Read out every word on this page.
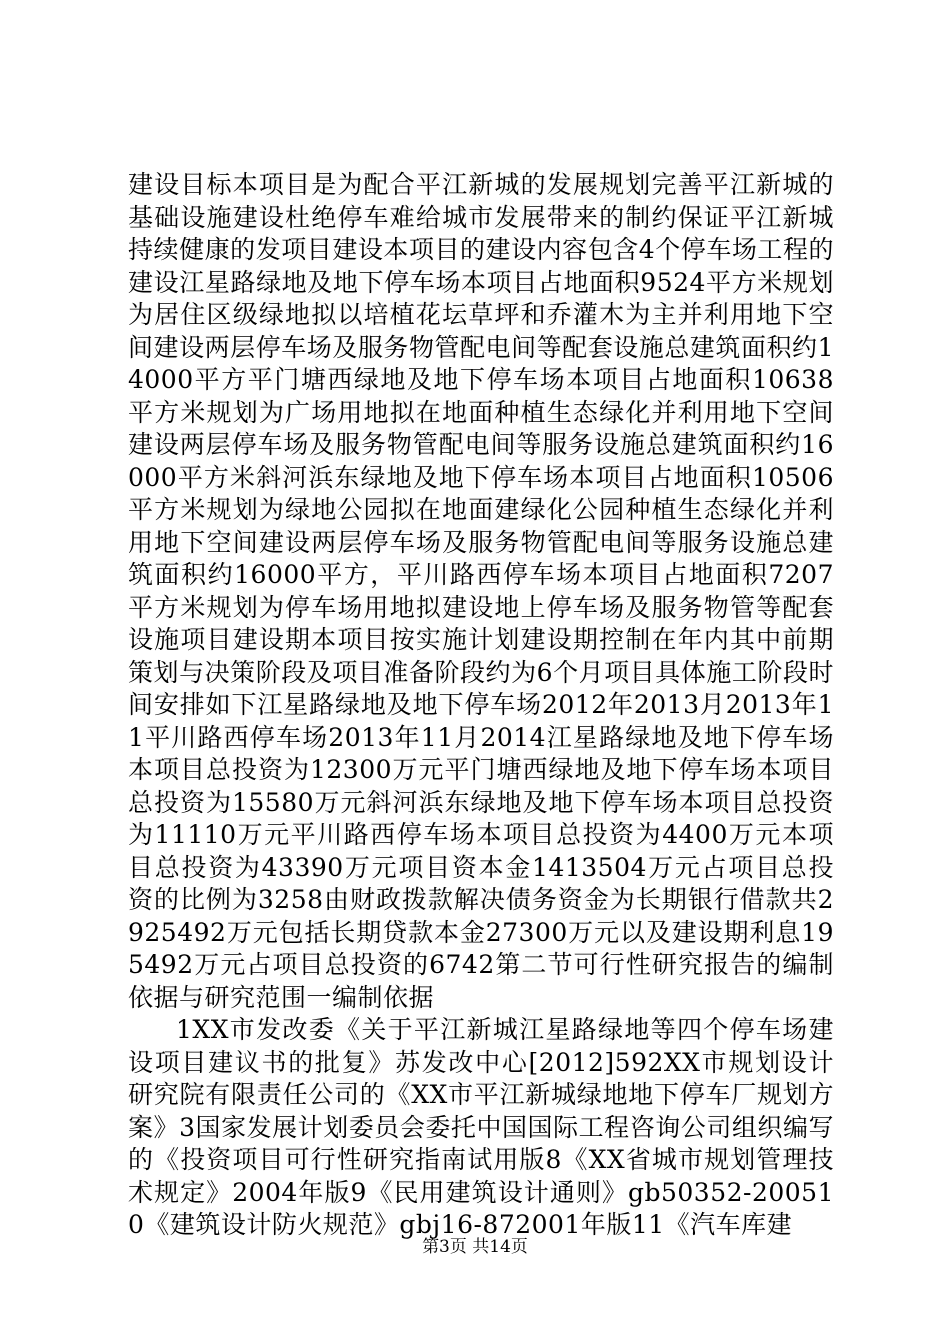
建设目标本项目是为配合平江新城的发展规划完善平江新城的基础设施建设杜绝停车难给城市发展带来的制约保证平江新城持续健康的发项目建设本项目的建设内容包含4个停车场工程的建设江星路绿地及地下停车场本项目占地面积9524平方米规划为居住区级绿地拟以培植花坛草坪和乔灌木为主并利用地下空间建设两层停车场及服务物管配电间等配套设施总建筑面积约14000平方平门塘西绿地及地下停车场本项目占地面积10638平方米规划为广场用地拟在地面种植生态绿化并利用地下空间建设两层停车场及服务物管配电间等服务设施总建筑面积约16000平方米斜河浜东绿地及地下停车场本项目占地面积10506平方米规划为绿地公园拟在地面建绿化公园种植生态绿化并利用地下空间建设两层停车场及服务物管配电间等服务设施总建筑面积约16000平方，平川路西停车场本项目占地面积7207平方米规划为停车场用地拟建设地上停车场及服务物管等配套设施项目建设期本项目按实施计划建设期控制在年内其中前期策划与决策阶段及项目准备阶段约为6个月项目具体施工阶段时间安排如下江星路绿地及地下停车场2012年2013月2013年11平川路西停车场2013年11月2014江星路绿地及地下停车场本项目总投资为12300万元平门塘西绿地及地下停车场本项目总投资为15580万元斜河浜东绿地及地下停车场本项目总投资为11110万元平川路西停车场本项目总投资为4400万元本项目总投资为43390万元项目资本金1413504万元占项目总投资的比例为3258由财政拨款解决债务资金为长期银行借款共2925492万元包括长期贷款本金27300万元以及建设期利息195492万元占项目总投资的6742第二节可行性研究报告的编制依据与研究范围一编制依据

1XX市发改委《关于平江新城江星路绿地等四个停车场建设项目建议书的批复》苏发改中心[2012]592XX市规划设计研究院有限责任公司的《XX市平江新城绿地地下停车厂规划方案》3国家发展计划委员会委托中国国际工程咨询公司组织编写的《投资项目可行性研究指南试用版8《XX省城市规划管理技术规定》2004年版9《民用建筑设计通则》gb50352-200510《建筑设计防火规范》gbj16-872001年版11《汽车库建

第3页 共14页
